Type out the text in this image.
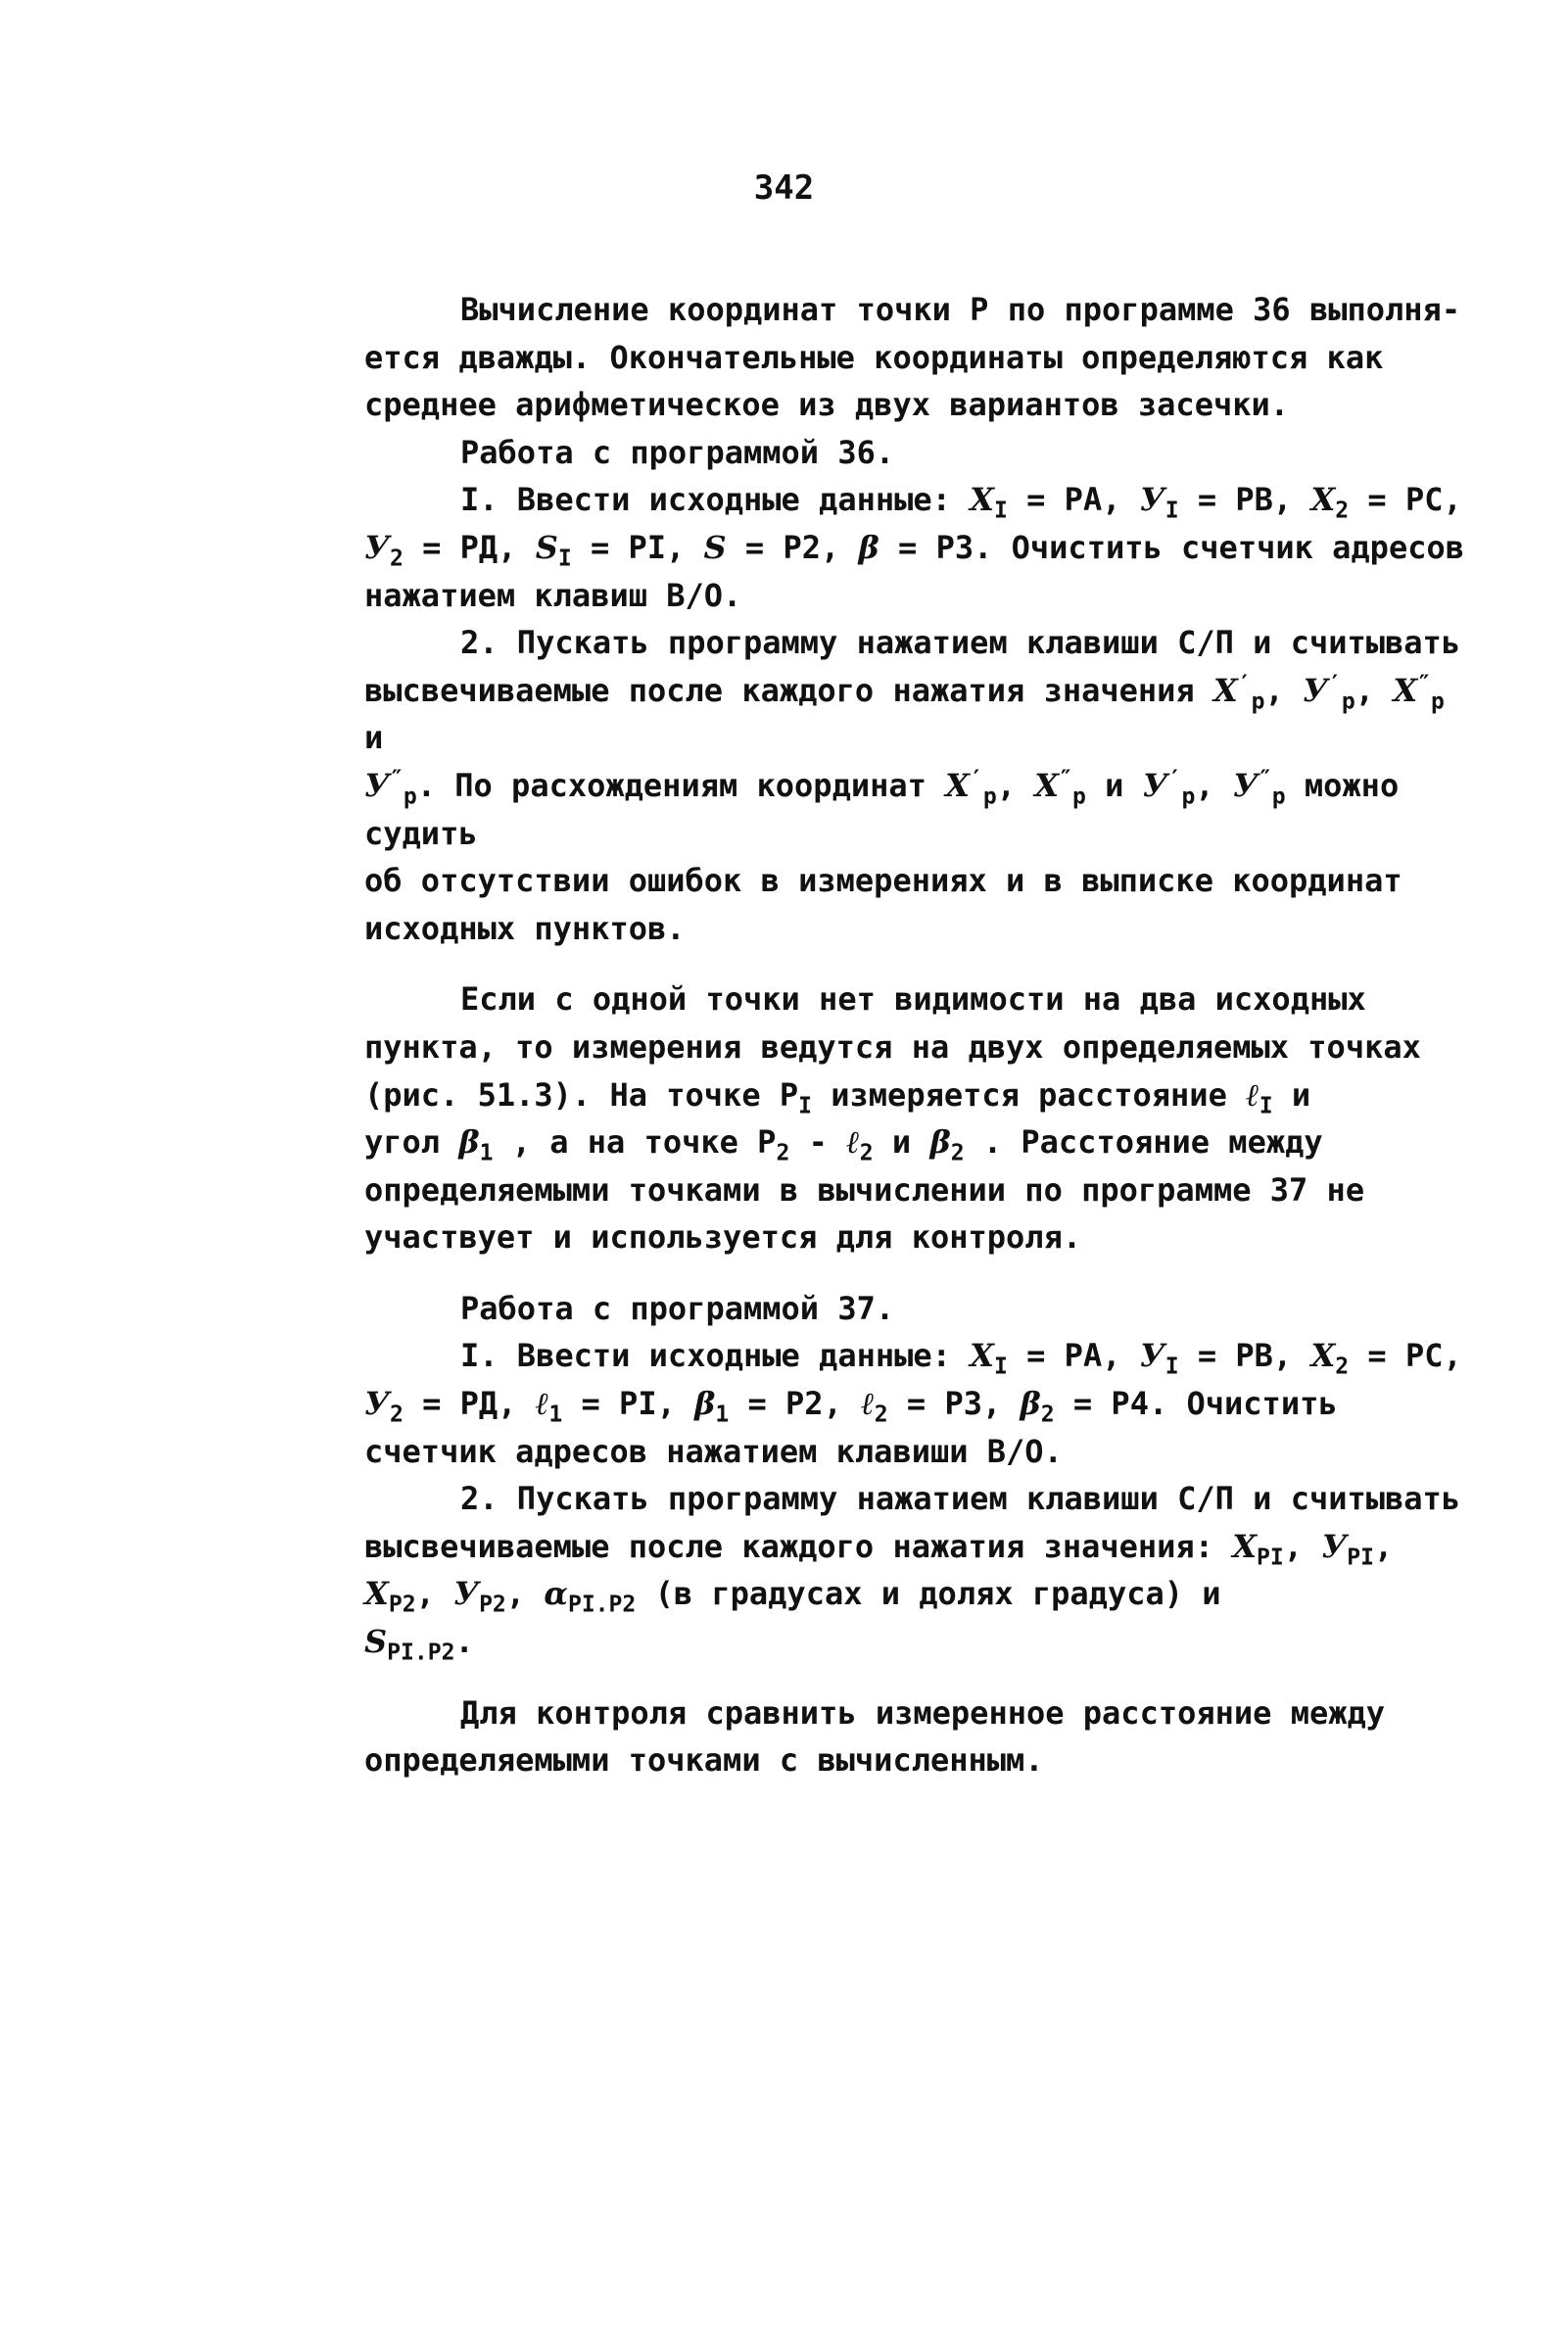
342

Вычисление координат точки Р по программе 36 выполня-

ется дважды. Окончательные координаты определяются как

среднее арифметическое из двух вариантов засечки.

Работа с программой 36.

I. Ввести исходные данные: $X_I$ = PA, $У_I$ = PB, $X_2$ = PC,

$У_2$ = РД, $S_I$ = PI, S = P2, β = P3. Очистить счетчик адресов

нажатием клавиш В/О.

2. Пускать программу нажатием клавиши С/П и считывать

высвечиваемые после каждого нажатия значения $X'_p$, $У'_p$, $X''_p$ и

$У''_p$. По расхождениям координат $X'_p$, $X''_p$ и $У'_p$, $У''_p$ можно судить

об отсутствии ошибок в измерениях и в выписке координат

исходных пунктов.

Если с одной точки нет видимости на два исходных

пункта, то измерения ведутся на двух определяемых точках

(рис. 51.3). На точке $P_I$ измеряется расстояние ℓ$_I$ и

угол $\beta_1$ , а на точке $P_2$ - ℓ$_2$ и $\beta_2$ . Расстояние между

определяемыми точками в вычислении по программе 37 не

участвует и используется для контроля.

Работа с программой 37.

I. Ввести исходные данные: $X_I$ = PA, $У_I$ = PB, $X_2$ = PC,

$У_2$ = РД, ℓ$_1$ = PI, $\beta_1 = P2$, ℓ$_2$ = P3, $\beta_2 = P4$. Очистить

счетчик адресов нажатием клавиши В/О.

2. Пускать программу нажатием клавиши С/П и считывать

высвечиваемые после каждого нажатия значения: $X_{PI}$, $У_{PI}$,

$X_{P2}$, $У_{P2}$, $\alpha_{PI.P2}$ (в градусах и долях градуса) и

$S_{PI.P2}$.

Для контроля сравнить измеренное расстояние между

определяемыми точками с вычисленным.
